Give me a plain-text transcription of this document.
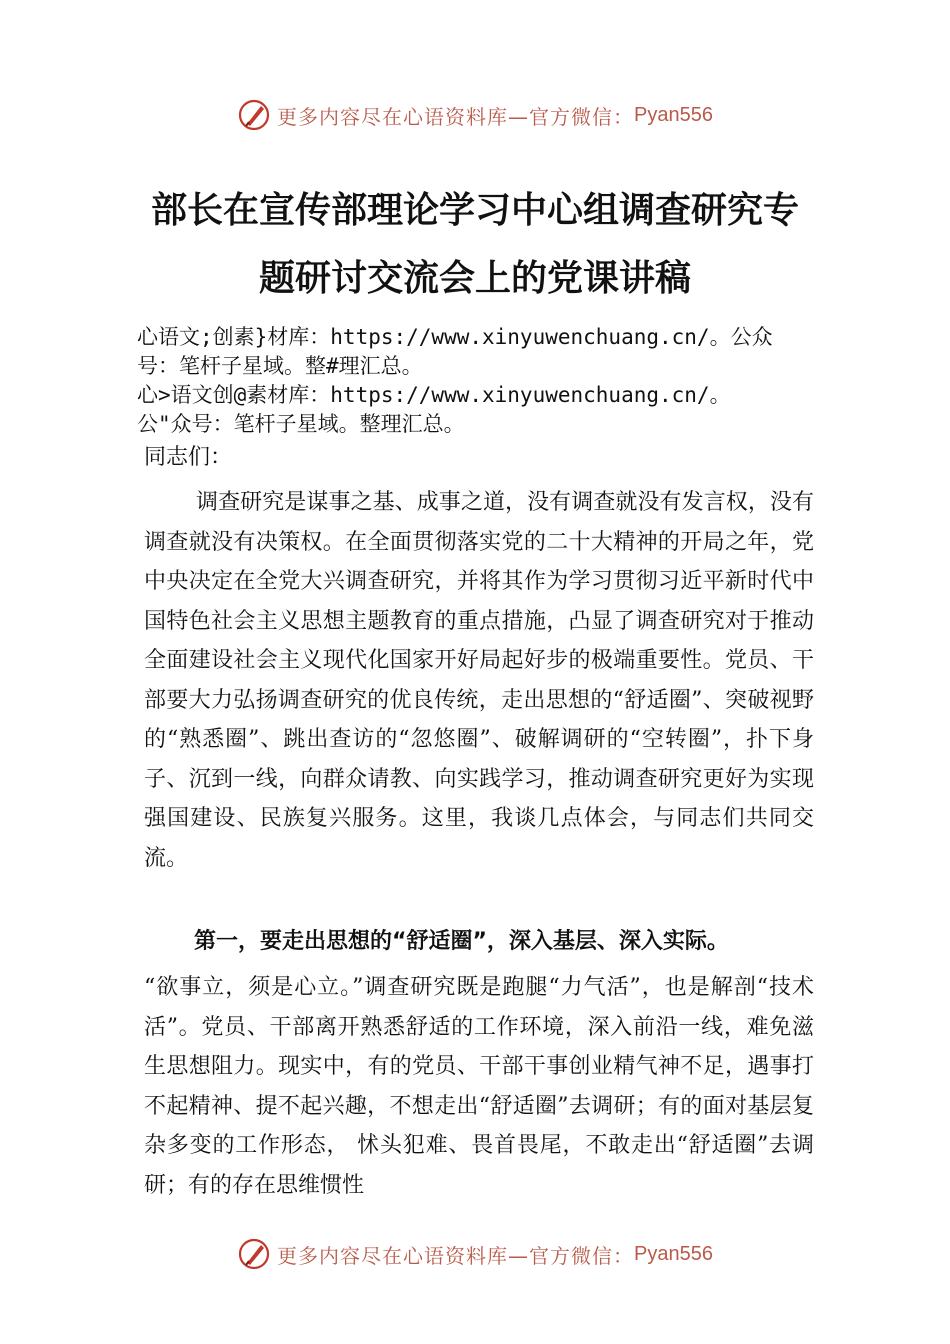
更多内容尽在心语资料库— 官方微信： Pyan556
部长在宣传部理论学习中心组调查研究专
题研讨交流会上的党课讲稿
心语文;创素}材库：https://www.xinyuwenchuang.cn/。公众
号：笔杆子星域。整#理汇总。
心>语文创@素材库：https://www.xinyuwenchuang.cn/。
公"众号：笔杆子星域。整理汇总。
同志们：

调查研究是谋事之基、成事之道，没有调查就没有发言权，没有调查就没有决策权。在全面贯彻落实党的二十大精神的开局之年，党中央决定在全党大兴调查研究，并将其作为学习贯彻习近平新时代中国特色社会主义思想主题教育的重点措施，凸显了调查研究对于推动全面建设社会主义现代化国家开好局起好步的极端重要性。党员、干部要大力弘扬调查研究的优良传统，走出思想的“舒适圈”、突破视野的“熟悉圈”、跳出查访的“忽悠圈”、破解调研的“空转圈”，扑下身子、沉到一线，向群众请教、向实践学习，推动调查研究更好为实现强国建设、民族复兴服务。这里，我谈几点体会，与同志们共同交流。

第一，要走出思想的“舒适圈”，深入基层、深入实际。

“欲事立，须是心立。”调查研究既是跑腿“力气活”，也是解剖“技术活”。党员、干部离开熟悉舒适的工作环境，深入前沿一线，难免滋生思想阻力。现实中，有的党员、干部干事创业精气神不足，遇事打不起精神、提不起兴趣，不想走出“舒适圈”去调研；有的面对基层复杂多变的工作形态， 怵头犯难、畏首畏尾，不敢走出“舒适圈”去调研；有的存在思维惯性

更多内容尽在心语资料库— 官方微信： Pyan556
